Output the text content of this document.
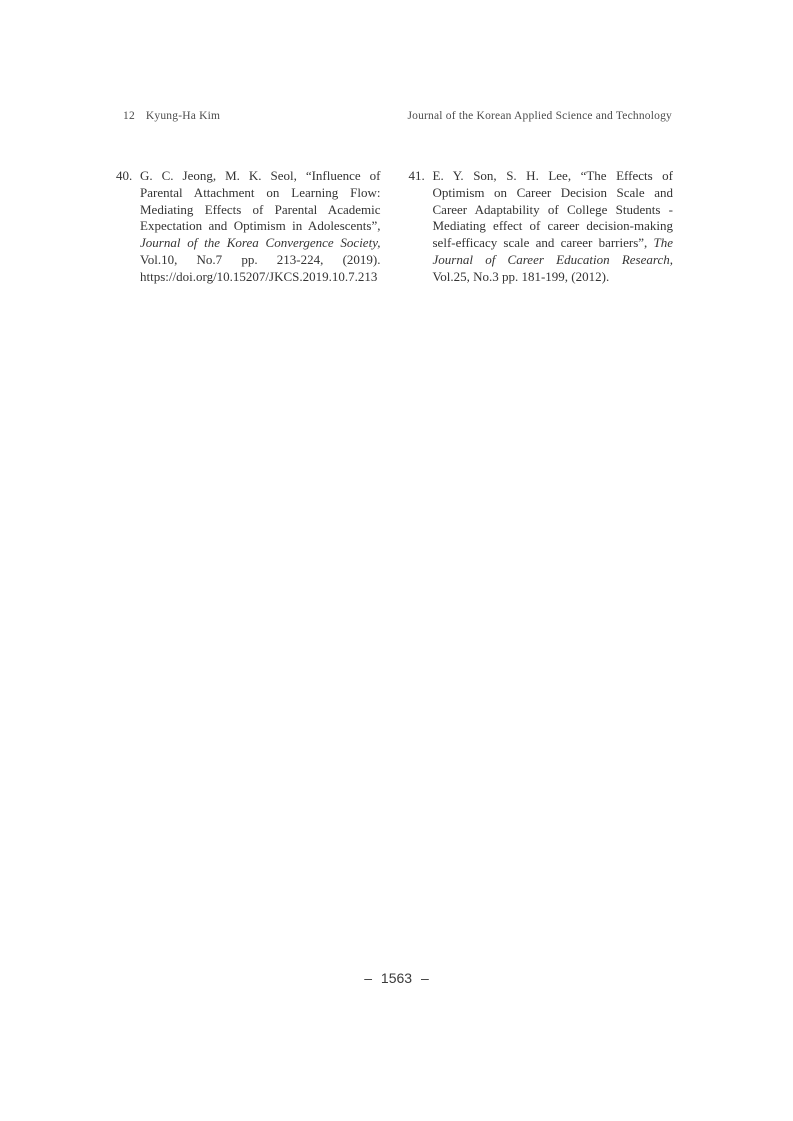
12 Kyung-Ha Kim	Journal of the Korean Applied Science and Technology
40. G. C. Jeong, M. K. Seol, “Influence of
Parental Attachment on Learning Flow:
Mediating Effects of Parental Academic
Expectation and Optimism in Adolescents”,
Journal of the Korea Convergence Society,
Vol.10, No.7 pp. 213-224, (2019).
https://doi.org/10.15207/JKCS.2019.10.7.213
41. E. Y. Son, S. H. Lee, “The Effects of
Optimism on Career Decision Scale and
Career Adaptability of College Students -
Mediating effect of career decision-making
self-efficacy scale and career barriers”, The
Journal of Career Education Research,
Vol.25, No.3 pp. 181-199, (2012).
– 1563 –
